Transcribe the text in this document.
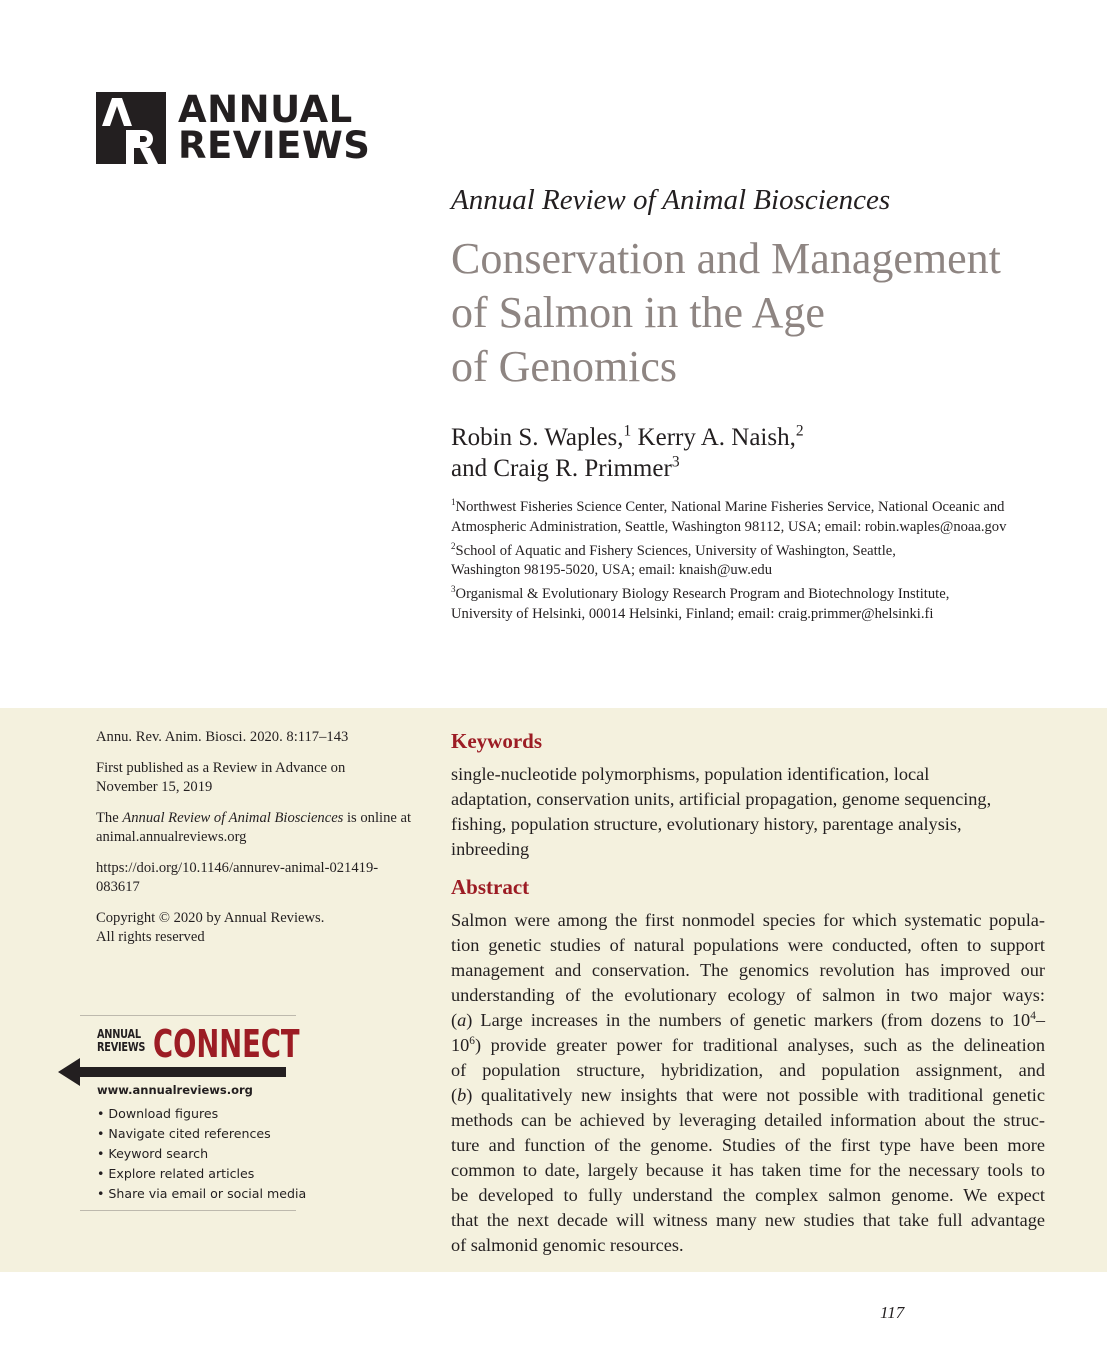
ANNUAL
REVIEWS
Annual Review of Animal Biosciences
Conservation and Management
of Salmon in the Age
of Genomics
Robin S. Waples,$^1$ Kerry A. Naish,$^2$
and Craig R. Primmer$^3$
$^1$Northwest Fisheries Science Center, National Marine Fisheries Service, National Oceanic and
Atmospheric Administration, Seattle, Washington 98112, USA; email: robin.waples@noaa.gov
$^2$School of Aquatic and Fishery Sciences, University of Washington, Seattle,
Washington 98195-5020, USA; email: knaish@uw.edu
$^3$Organismal & Evolutionary Biology Research Program and Biotechnology Institute,
University of Helsinki, 00014 Helsinki, Finland; email: craig.primmer@helsinki.fi

Annu. Rev. Anim. Biosci. 2020. 8:117–143

First published as a Review in Advance on
November 15, 2019

The Annual Review of Animal Biosciences is online at
animal.annualreviews.org

https://doi.org/10.1146/annurev-animal-021419-
083617

Copyright © 2020 by Annual Reviews.
All rights reserved

ANNUAL
REVIEWS CONNECT
www.annualreviews.org
• Download figures
• Navigate cited references
• Keyword search
• Explore related articles
• Share via email or social media
Keywords
single-nucleotide polymorphisms, population identification, local
adaptation, conservation units, artificial propagation, genome sequencing,
fishing, population structure, evolutionary history, parentage analysis,
inbreeding
Abstract
Salmon were among the first nonmodel species for which systematic popula-
tion genetic studies of natural populations were conducted, often to support
management and conservation. The genomics revolution has improved our
understanding of the evolutionary ecology of salmon in two major ways:
(a) Large increases in the numbers of genetic markers (from dozens to $10^4-$
$10^6$) provide greater power for traditional analyses, such as the delineation
of population structure, hybridization, and population assignment, and
(b) qualitatively new insights that were not possible with traditional genetic
methods can be achieved by leveraging detailed information about the struc-
ture and function of the genome. Studies of the first type have been more
common to date, largely because it has taken time for the necessary tools to
be developed to fully understand the complex salmon genome. We expect
that the next decade will witness many new studies that take full advantage
of salmonid genomic resources.
117
